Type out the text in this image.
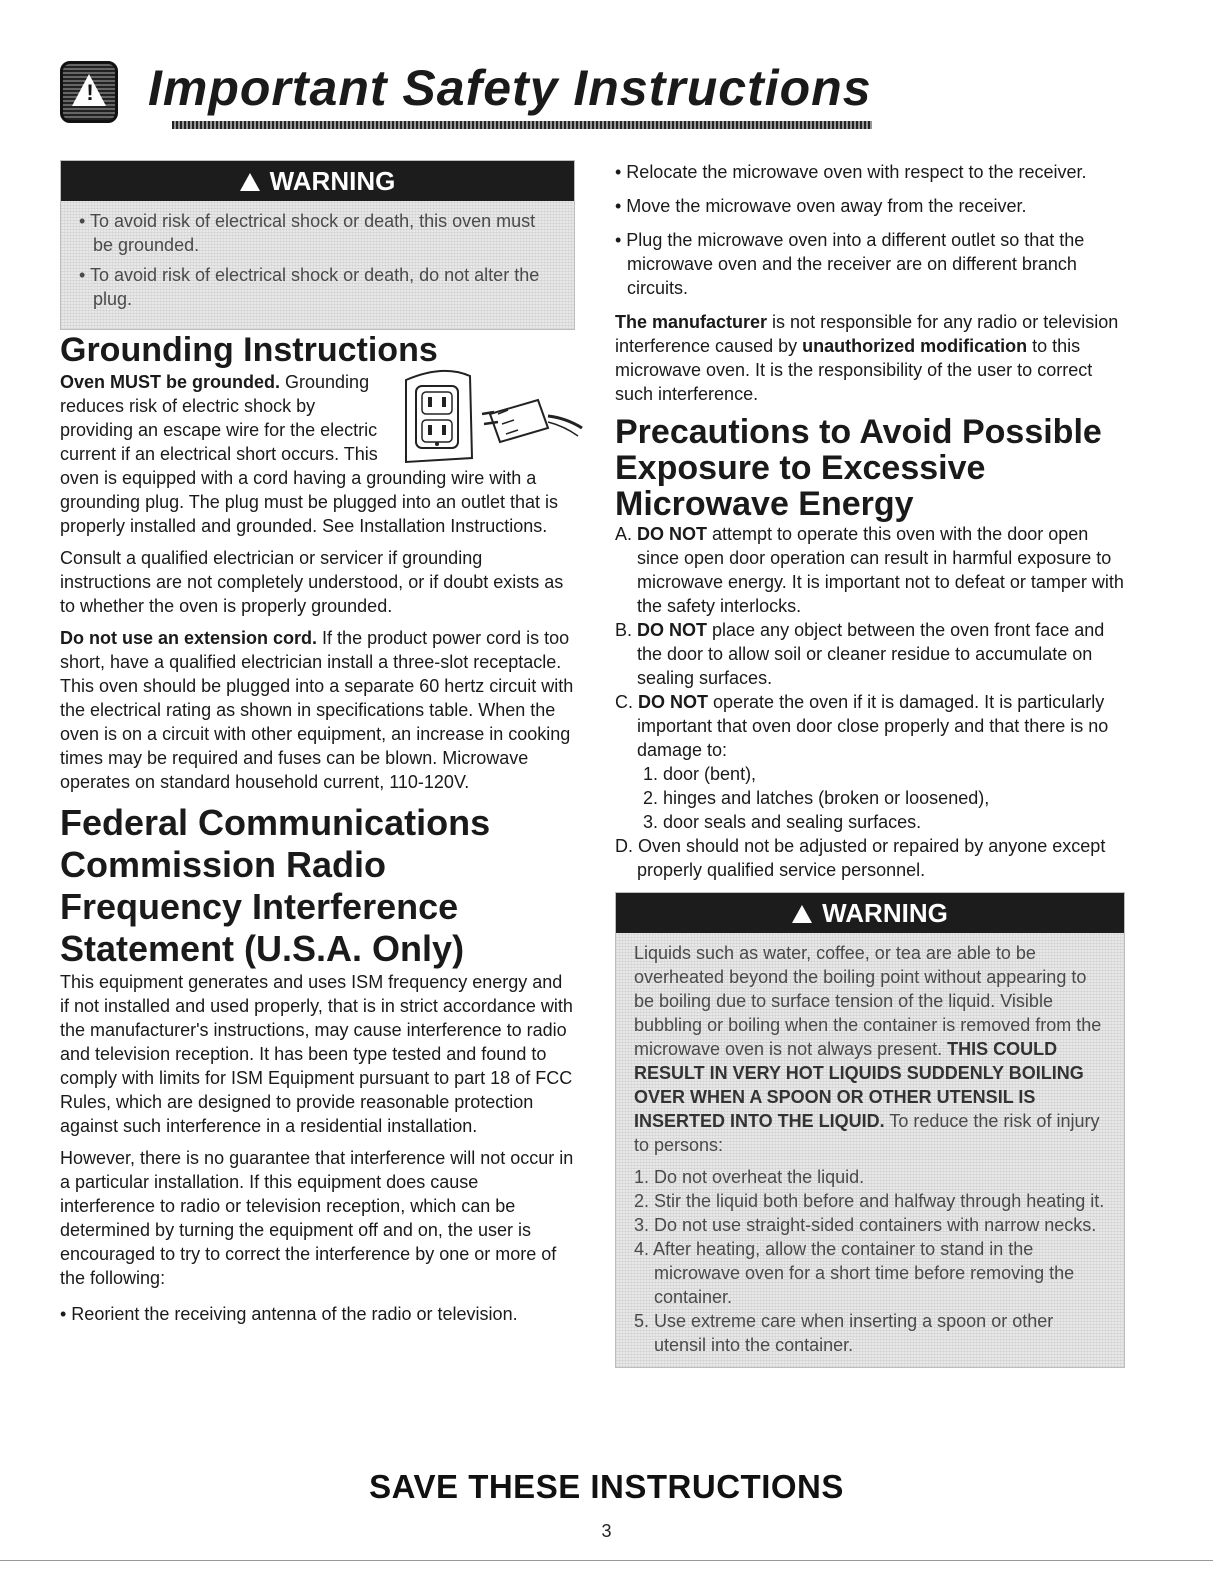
! Important Safety Instructions
WARNING
• To avoid risk of electrical shock or death, this oven must be grounded.
• To avoid risk of electrical shock or death, do not alter the plug.
Grounding Instructions
Oven MUST be grounded. Grounding reduces risk of electric shock by providing an escape wire for the electric current if an electrical short occurs. This oven is equipped with a cord having a grounding wire with a grounding plug. The plug must be plugged into an outlet that is properly installed and grounded. See Installation Instructions.
Consult a qualified electrician or servicer if grounding instructions are not completely understood, or if doubt exists as to whether the oven is properly grounded.
Do not use an extension cord. If the product power cord is too short, have a qualified electrician install a three-slot receptacle. This oven should be plugged into a separate 60 hertz circuit with the electrical rating as shown in specifications table. When the oven is on a circuit with other equipment, an increase in cooking times may be required and fuses can be blown. Microwave operates on standard household current, 110-120V.
Federal Communications Commission Radio Frequency Interference Statement (U.S.A. Only)
This equipment generates and uses ISM frequency energy and if not installed and used properly, that is in strict accordance with the manufacturer's instructions, may cause interference to radio and television reception. It has been type tested and found to comply with limits for ISM Equipment pursuant to part 18 of FCC Rules, which are designed to provide reasonable protection against such interference in a residential installation.
However, there is no guarantee that interference will not occur in a particular installation. If this equipment does cause interference to radio or television reception, which can be determined by turning the equipment off and on, the user is encouraged to try to correct the interference by one or more of the following:
• Reorient the receiving antenna of the radio or television.
• Relocate the microwave oven with respect to the receiver.
• Move the microwave oven away from the receiver.
• Plug the microwave oven into a different outlet so that the microwave oven and the receiver are on different branch circuits.
The manufacturer is not responsible for any radio or television interference caused by unauthorized modification to this microwave oven. It is the responsibility of the user to correct such interference.
Precautions to Avoid Possible Exposure to Excessive Microwave Energy
A. DO NOT attempt to operate this oven with the door open since open door operation can result in harmful exposure to microwave energy. It is important not to defeat or tamper with the safety interlocks.
B. DO NOT place any object between the oven front face and the door to allow soil or cleaner residue to accumulate on sealing surfaces.
C. DO NOT operate the oven if it is damaged. It is particularly important that oven door close properly and that there is no damage to:
1. door (bent),
2. hinges and latches (broken or loosened),
3. door seals and sealing surfaces.
D. Oven should not be adjusted or repaired by anyone except properly qualified service personnel.
WARNING
Liquids such as water, coffee, or tea are able to be overheated beyond the boiling point without appearing to be boiling due to surface tension of the liquid. Visible bubbling or boiling when the container is removed from the microwave oven is not always present. THIS COULD RESULT IN VERY HOT LIQUIDS SUDDENLY BOILING OVER WHEN A SPOON OR OTHER UTENSIL IS INSERTED INTO THE LIQUID. To reduce the risk of injury to persons:
1. Do not overheat the liquid.
2. Stir the liquid both before and halfway through heating it.
3. Do not use straight-sided containers with narrow necks.
4. After heating, allow the container to stand in the microwave oven for a short time before removing the container.
5. Use extreme care when inserting a spoon or other utensil into the container.
SAVE THESE INSTRUCTIONS
3
